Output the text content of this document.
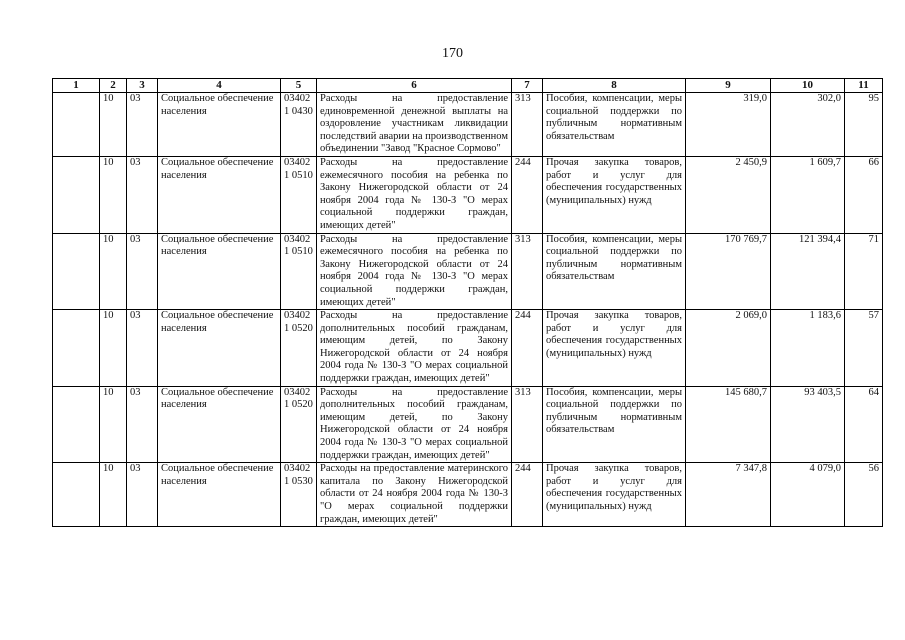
170
1	2	3	4	5	6	7	8	9	10	11
	10	03	Социальное обеспечение населения	034021 0430	Расходы на предоставление единовременной денежной выплаты на оздоровление участникам ликвидации последствий аварии на производственном объединении "Завод "Красное Сормово"	313	Пособия, компенсации, меры социальной поддержки по публичным нормативным обязательствам	319,0	302,0	95
	10	03	Социальное обеспечение населения	034021 0510	Расходы на предоставление ежемесячного пособия на ребенка по Закону Нижегородской области от 24 ноября 2004 года № 130-З "О мерах социальной поддержки граждан, имеющих детей"	244	Прочая закупка товаров, работ и услуг для обеспечения государственных (муниципальных) нужд	2 450,9	1 609,7	66
	10	03	Социальное обеспечение населения	034021 0510	Расходы на предоставление ежемесячного пособия на ребенка по Закону Нижегородской области от 24 ноября 2004 года № 130-З "О мерах социальной поддержки граждан, имеющих детей"	313	Пособия, компенсации, меры социальной поддержки по публичным нормативным обязательствам	170 769,7	121 394,4	71
	10	03	Социальное обеспечение населения	034021 0520	Расходы на предоставление дополнительных пособий гражданам, имеющим детей, по Закону Нижегородской области от 24 ноября 2004 года № 130-З "О мерах социальной поддержки граждан, имеющих детей"	244	Прочая закупка товаров, работ и услуг для обеспечения государственных (муниципальных) нужд	2 069,0	1 183,6	57
	10	03	Социальное обеспечение населения	034021 0520	Расходы на предоставление дополнительных пособий гражданам, имеющим детей, по Закону Нижегородской области от 24 ноября 2004 года № 130-З "О мерах социальной поддержки граждан, имеющих детей"	313	Пособия, компенсации, меры социальной поддержки по публичным нормативным обязательствам	145 680,7	93 403,5	64
	10	03	Социальное обеспечение населения	034021 0530	Расходы на предоставление материнского капитала по Закону Нижегородской области от 24 ноября 2004 года № 130-З "О мерах социальной поддержки граждан, имеющих детей"	244	Прочая закупка товаров, работ и услуг для обеспечения государственных (муниципальных) нужд	7 347,8	4 079,0	56
